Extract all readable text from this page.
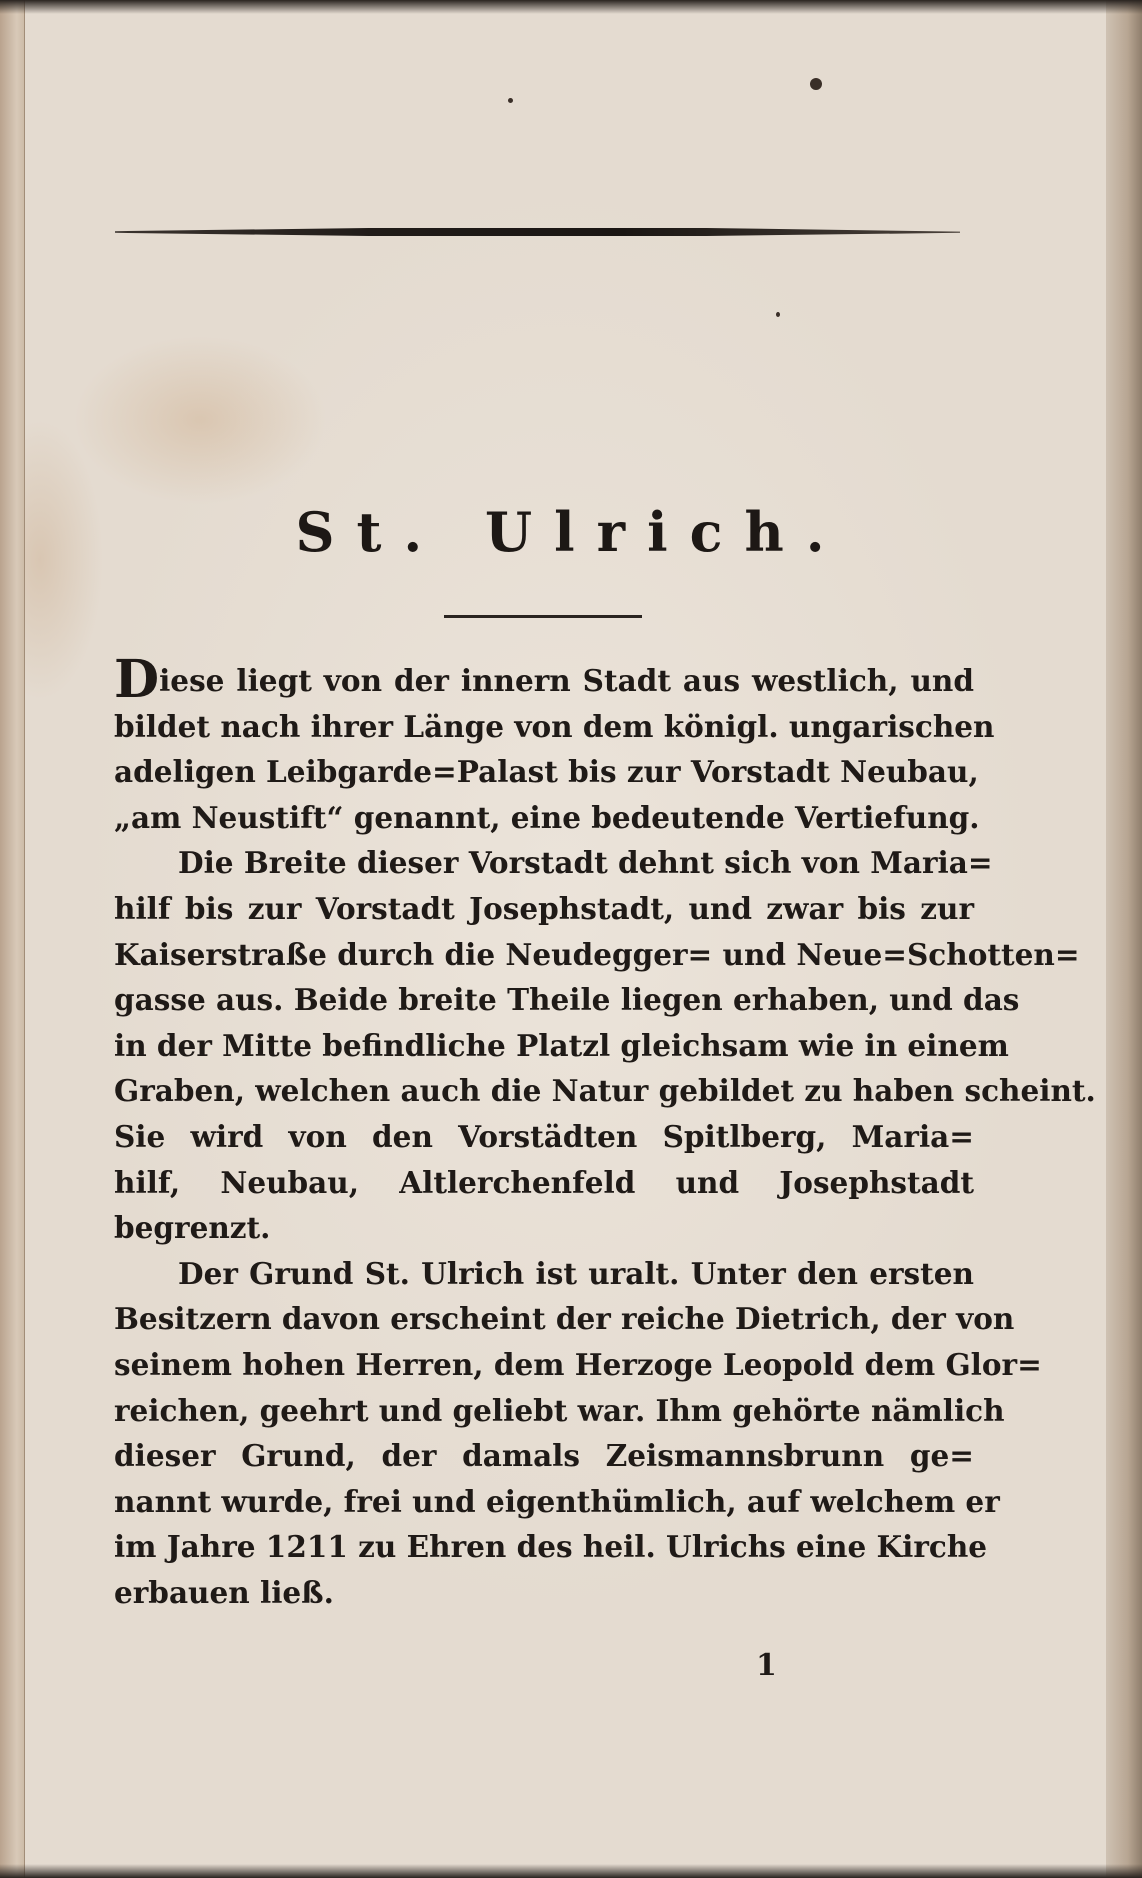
St. Ulrich.
Diese liegt von der innern Stadt aus westlich, und
bildet nach ihrer Länge von dem königl. ungarischen
adeligen Leibgarde=Palast bis zur Vorstadt Neubau,
„am Neustift“ genannt, eine bedeutende Vertiefung.
Die Breite dieser Vorstadt dehnt sich von Maria=
hilf bis zur Vorstadt Josephstadt, und zwar bis zur
Kaiserstraße durch die Neudegger= und Neue=Schotten=
gasse aus. Beide breite Theile liegen erhaben, und das
in der Mitte befindliche Platzl gleichsam wie in einem
Graben, welchen auch die Natur gebildet zu haben scheint.
Sie wird von den Vorstädten Spitlberg, Maria=
hilf, Neubau, Altlerchenfeld und Josephstadt
begrenzt.
Der Grund St. Ulrich ist uralt. Unter den ersten
Besitzern davon erscheint der reiche Dietrich, der von
seinem hohen Herren, dem Herzoge Leopold dem Glor=
reichen, geehrt und geliebt war. Ihm gehörte nämlich
dieser Grund, der damals Zeismannsbrunn ge=
nannt wurde, frei und eigenthümlich, auf welchem er
im Jahre 1211 zu Ehren des heil. Ulrichs eine Kirche
erbauen ließ.
1
